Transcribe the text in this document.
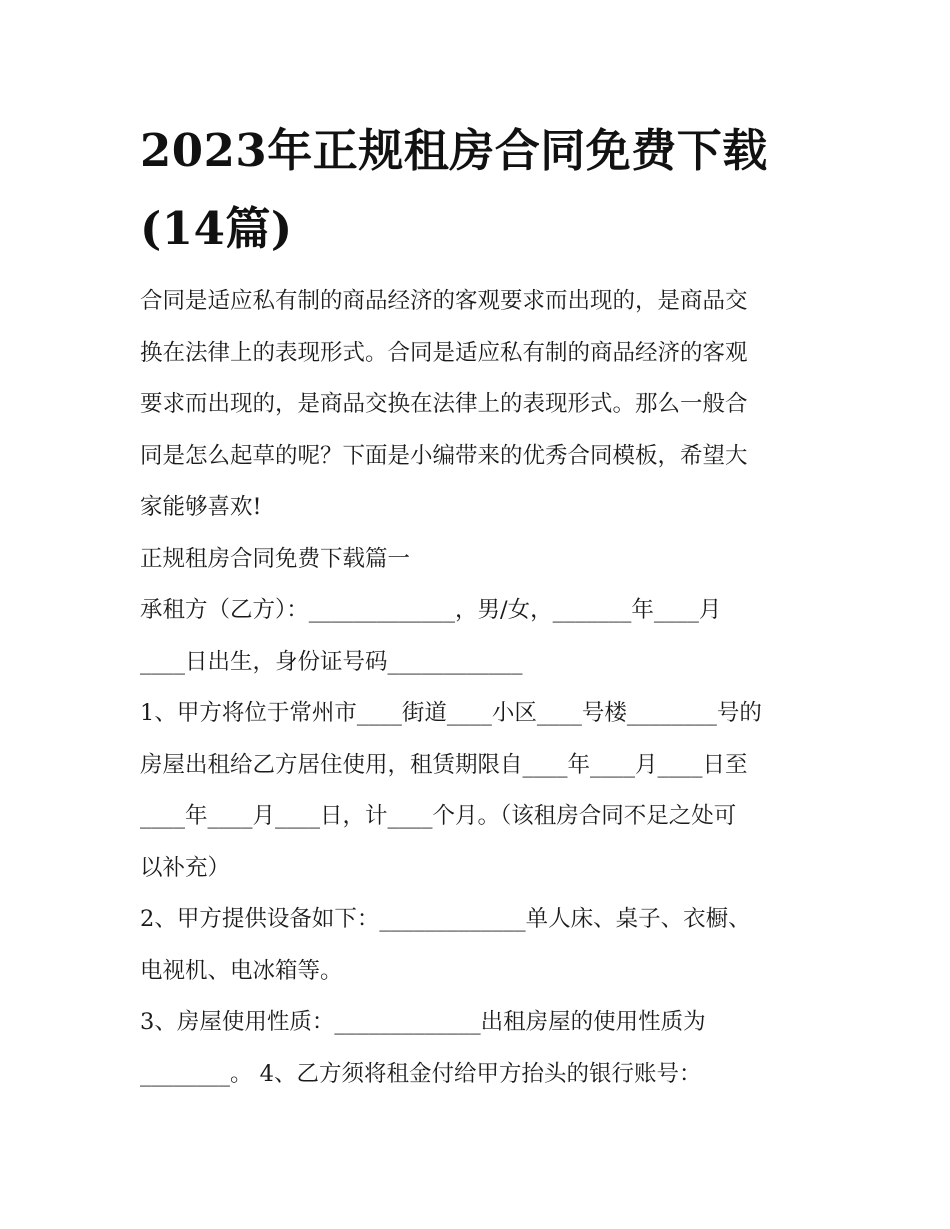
2023年正规租房合同免费下载
(14篇)
合同是适应私有制的商品经济的客观要求而出现的，是商品交
换在法律上的表现形式。合同是适应私有制的商品经济的客观
要求而出现的，是商品交换在法律上的表现形式。那么一般合
同是怎么起草的呢？下面是小编带来的优秀合同模板，希望大
家能够喜欢!
正规租房合同免费下载篇一
承租方（乙方）：_____________，男/女，_______年____月
____日出生，身份证号码____________
1、甲方将位于常州市____街道____小区____号楼________号的
房屋出租给乙方居住使用，租赁期限自____年____月____日至
____年____月____日，计____个月。（该租房合同不足之处可
以补充）
2、甲方提供设备如下：_____________单人床、桌子、衣橱、
电视机、电冰箱等。
3、房屋使用性质：_____________出租房屋的使用性质为
________。 4、乙方须将租金付给甲方抬头的银行账号：
